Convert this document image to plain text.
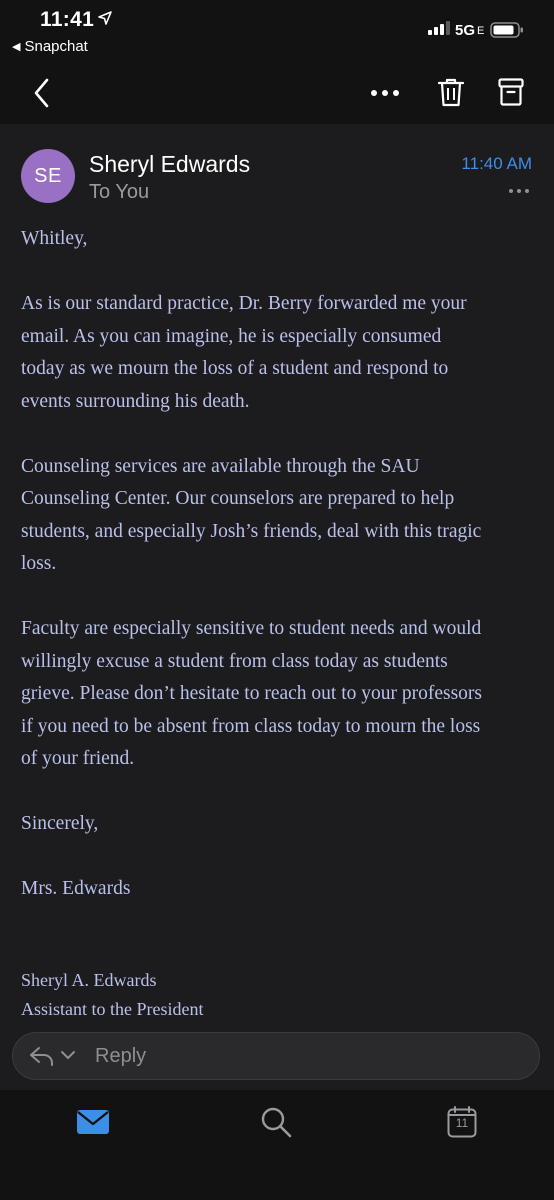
11:41
◀ Snapchat
5G E
SE	Sheryl Edwards
To You
11:40 AM

Whitley,

As is our standard practice, Dr. Berry forwarded me your
email. As you can imagine, he is especially consumed
today as we mourn the loss of a student and respond to
events surrounding his death.

Counseling services are available through the SAU
Counseling Center. Our counselors are prepared to help
students, and especially Josh’s friends, deal with this tragic
loss.

Faculty are especially sensitive to student needs and would
willingly excuse a student from class today as students
grieve. Please don’t hesitate to reach out to your professors
if you need to be absent from class today to mourn the loss
of your friend.

Sincerely,

Mrs. Edwards

Sheryl A. Edwards
Assistant to the President
Reply
11
